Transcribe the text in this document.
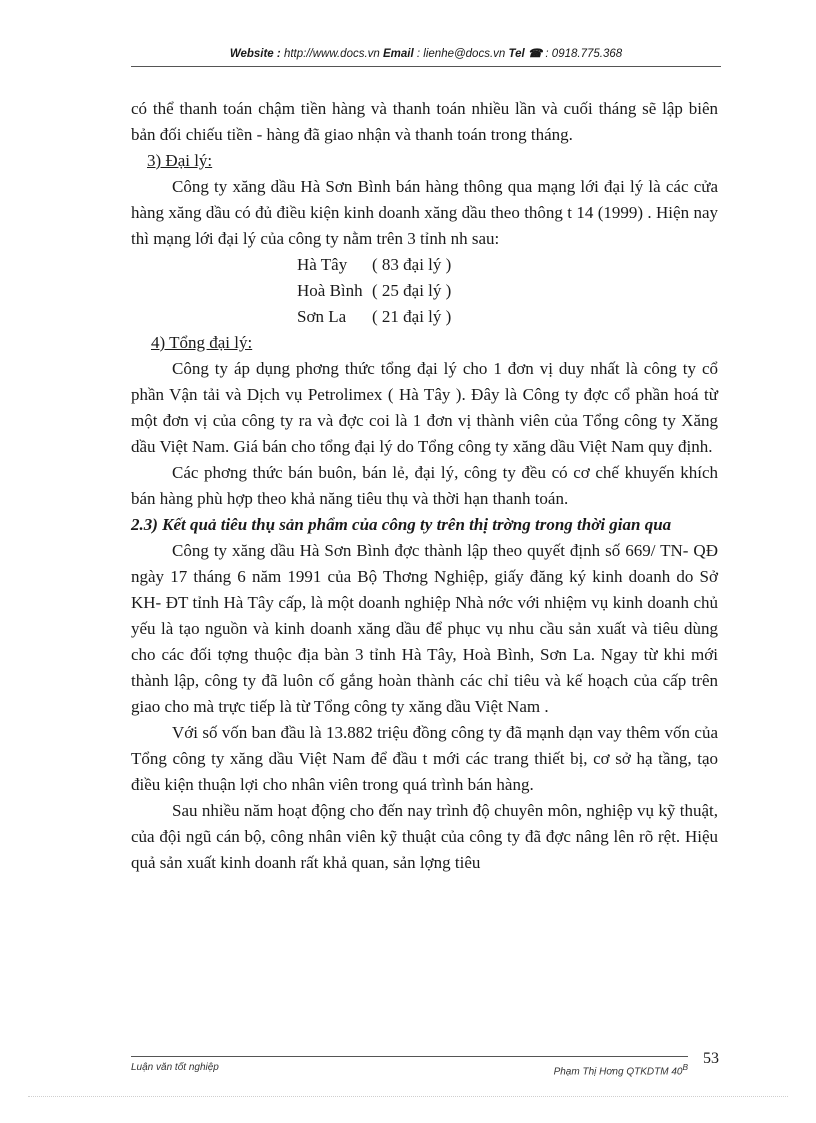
Website : http://www.docs.vn Email : lienhe@docs.vn Tel ☎ : 0918.775.368

có thể thanh toán chậm tiền hàng và thanh toán nhiều lần và cuối tháng sẽ lập biên bản đối chiếu tiền - hàng đã giao nhận và thanh toán trong tháng.

3) Đại lý:

Công ty xăng dầu Hà Sơn Bình bán hàng thông qua mạng lới đại lý là các cửa hàng xăng dầu có đủ điều kiện kinh doanh xăng dầu theo thông t 14 (1999) . Hiện nay thì mạng lới đại lý của công ty nằm trên 3 tỉnh nh sau:

Hà Tây	( 83 đại lý )
Hoà Bình ( 25 đại lý )
Sơn La	( 21 đại lý )

4) Tổng đại lý:

Công ty áp dụng phơng thức tổng đại lý cho 1 đơn vị duy nhất là công ty cổ phần Vận tải và Dịch vụ Petrolimex ( Hà Tây ). Đây là Công ty đợc cổ phần hoá từ một đơn vị của công ty ra và đợc coi là 1 đơn vị thành viên của Tổng công ty Xăng dầu Việt Nam. Giá bán cho tổng đại lý do Tổng công ty xăng dầu Việt Nam quy định.

Các phơng thức bán buôn, bán lẻ, đại lý, công ty đều có cơ chế khuyến khích bán hàng phù hợp theo khả năng tiêu thụ và thời hạn thanh toán.

2.3) Kết quả tiêu thụ sản phẩm của công ty trên thị trờng trong thời gian qua

Công ty xăng dầu Hà Sơn Bình đợc thành lập theo quyết định số 669/ TN- QĐ ngày 17 tháng 6 năm 1991 của Bộ Thơng Nghiệp, giấy đăng ký kinh doanh do Sở KH- ĐT tỉnh Hà Tây cấp, là một doanh nghiệp Nhà nớc với nhiệm vụ kinh doanh chủ yếu là tạo nguồn và kinh doanh xăng dầu để phục vụ nhu cầu sản xuất và tiêu dùng cho các đối tợng thuộc địa bàn 3 tỉnh Hà Tây, Hoà Bình, Sơn La. Ngay từ khi mới thành lập, công ty đã luôn cố gắng hoàn thành các chỉ tiêu và kế hoạch của cấp trên giao cho mà trực tiếp là từ Tổng công ty xăng dầu Việt Nam .

Với số vốn ban đầu là 13.882 triệu đồng công ty đã mạnh dạn vay thêm vốn của Tổng công ty xăng dầu Việt Nam để đầu t mới các trang thiết bị, cơ sở hạ tầng, tạo điều kiện thuận lợi cho nhân viên trong quá trình bán hàng.

Sau nhiều năm hoạt động cho đến nay trình độ chuyên môn, nghiệp vụ kỹ thuật, của đội ngũ cán bộ, công nhân viên kỹ thuật của công ty đã đợc nâng lên rõ rệt. Hiệu quả sản xuất kinh doanh rất khả quan, sản lợng tiêu

Luận văn tốt nghiệp	Phạm Thị Hơng QTKDTM $40^B$ 53
